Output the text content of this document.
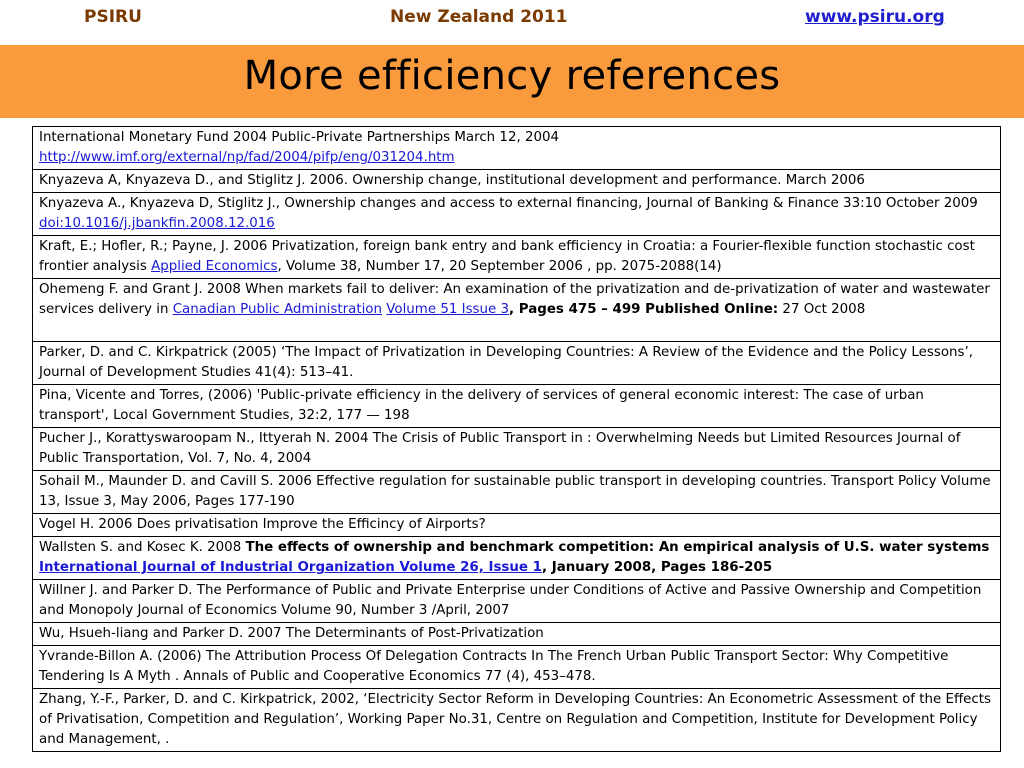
PSIRU	New Zealand 2011	www.psiru.org
More efficiency references
International Monetary Fund 2004 Public-Private Partnerships March 12, 2004
http://www.imf.org/external/np/fad/2004/pifp/eng/031204.htm
Knyazeva A, Knyazeva D., and Stiglitz J. 2006. Ownership change, institutional development and performance. March 2006
Knyazeva A., Knyazeva D, Stiglitz J., Ownership changes and access to external financing, Journal of Banking & Finance 33:10 October 2009 doi:10.1016/j.jbankfin.2008.12.016
Kraft, E.; Hofler, R.; Payne, J. 2006 Privatization, foreign bank entry and bank efficiency in Croatia: a Fourier-flexible function stochastic cost frontier analysis Applied Economics, Volume 38, Number 17, 20 September 2006 , pp. 2075-2088(14)
Ohemeng F. and Grant J. 2008 When markets fail to deliver: An examination of the privatization and de-privatization of water and wastewater services delivery in Canadian Public Administration Volume 51 Issue 3, Pages 475 – 499 Published Online: 27 Oct 2008
Parker, D. and C. Kirkpatrick (2005) ‘The Impact of Privatization in Developing Countries: A Review of the Evidence and the Policy Lessons’, Journal of Development Studies 41(4): 513–41.
Pina, Vicente and Torres, (2006) 'Public-private efficiency in the delivery of services of general economic interest: The case of urban transport', Local Government Studies, 32:2, 177 — 198
Pucher J., Korattyswaroopam N., Ittyerah N. 2004 The Crisis of Public Transport in : Overwhelming Needs but Limited Resources Journal of Public Transportation, Vol. 7, No. 4, 2004
Sohail M., Maunder D. and Cavill S. 2006 Effective regulation for sustainable public transport in developing countries. Transport Policy Volume 13, Issue 3, May 2006, Pages 177-190
Vogel H. 2006 Does privatisation Improve the Efficincy of Airports?
Wallsten S. and Kosec K. 2008 The effects of ownership and benchmark competition: An empirical analysis of U.S. water systems
International Journal of Industrial Organization Volume 26, Issue 1, January 2008, Pages 186-205
Willner J. and Parker D. The Performance of Public and Private Enterprise under Conditions of Active and Passive Ownership and Competition and Monopoly Journal of Economics Volume 90, Number 3 /April, 2007
Wu, Hsueh-liang and Parker D. 2007 The Determinants of Post-Privatization
Yvrande-Billon A. (2006) The Attribution Process Of Delegation Contracts In The French Urban Public Transport Sector: Why Competitive Tendering Is A Myth . Annals of Public and Cooperative Economics 77 (4), 453–478.
Zhang, Y.-F., Parker, D. and C. Kirkpatrick, 2002, ‘Electricity Sector Reform in Developing Countries: An Econometric Assessment of the Effects of Privatisation, Competition and Regulation’, Working Paper No.31, Centre on Regulation and Competition, Institute for Development Policy and Management, .
